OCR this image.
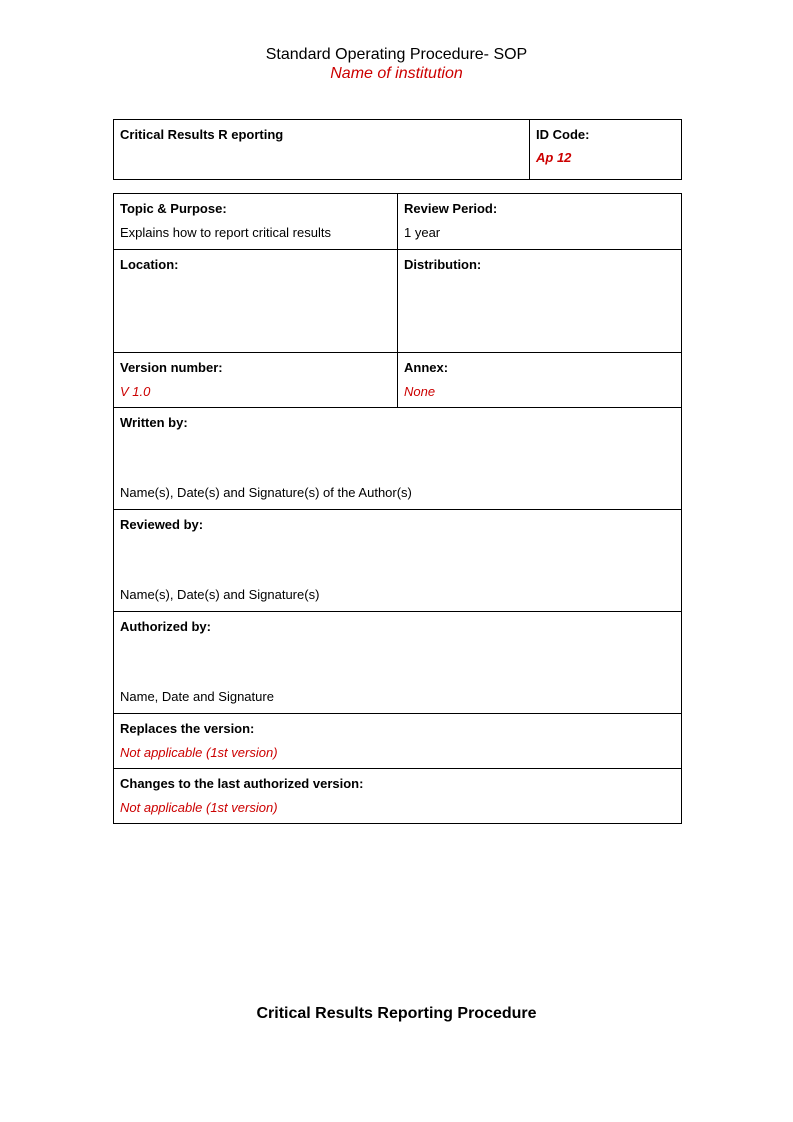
Standard Operating Procedure- SOP
Name of institution
Critical Results R eporting	ID Code:
Ap 12
Topic & Purpose:
Explains how to report critical results
Review Period:
1 year
Location:	Distribution:
Version number:
V 1.0
Annex:
None
Written by:
Name(s), Date(s) and Signature(s) of the Author(s)
Reviewed by:
Name(s), Date(s) and Signature(s)
Authorized by:
Name, Date and Signature
Replaces the version:
Not applicable (1st version)
Changes to the last authorized version:
Not applicable (1st version)
Critical Results Reporting Procedure
